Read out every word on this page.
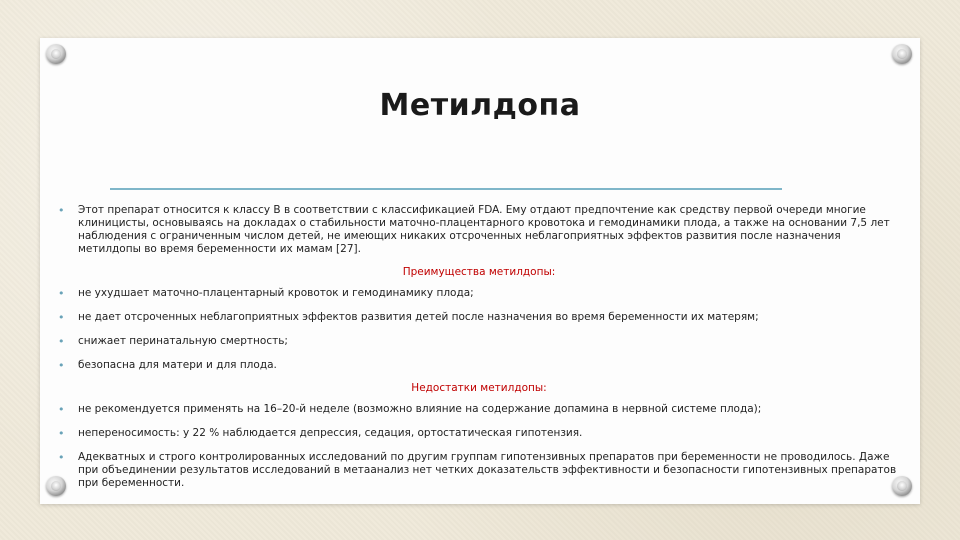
Метилдопа
• Этот препарат относится к классу B в соответствии с классификацией FDA. Ему отдают предпочтение как средству первой очереди многие клиницисты, основываясь на докладах о стабильности маточно-плацентарного кровотока и гемодинамики плода, а также на основании 7,5 лет наблюдения с ограниченным числом детей, не имеющих никаких отсроченных неблагоприятных эффектов развития после назначения метилдопы во время беременности их мамам [27].
Преимущества метилдопы:
• не ухудшает маточно-плацентарный кровоток и гемодинамику плода;
• не дает отсроченных неблагоприятных эффектов развития детей после назначения во время беременности их матерям;
• снижает перинатальную смертность;
• безопасна для матери и для плода.
Недостатки метилдопы:
• не рекомендуется применять на 16–20-й неделе (возможно влияние на содержание допамина в нервной системе плода);
• непереносимость: у 22 % наблюдается депрессия, седация, ортостатическая гипотензия.
• Адекватных и строго контролированных исследований по другим группам гипотензивных препаратов при беременности не проводилось. Даже при объединении результатов исследований в метаанализ нет четких доказательств эффективности и безопасности гипотензивных препаратов при беременности.
